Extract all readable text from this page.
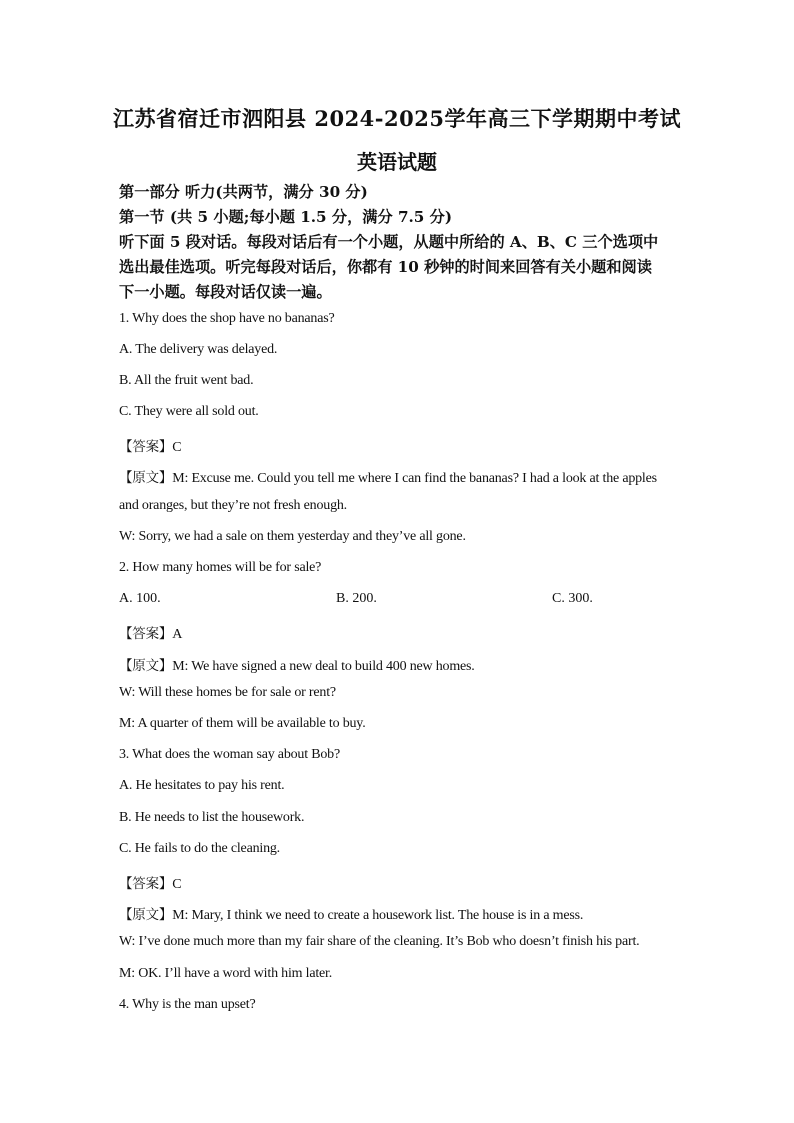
江苏省宿迁市泗阳县 2024-2025学年高三下学期期中考试
英语试题
第一部分 听力(共两节，满分 30 分)
第一节 (共 5 小题;每小题 1.5 分，满分 7.5 分)
听下面 5 段对话。每段对话后有一个小题，从题中所给的 A、B、C 三个选项中
选出最佳选项。听完每段对话后，你都有 10 秒钟的时间来回答有关小题和阅读
下一小题。每段对话仅读一遍。
1. Why does the shop have no bananas?
A. The delivery was delayed.
B. All the fruit went bad.
C. They were all sold out.
【答案】C
【原文】M: Excuse me. Could you tell me where I can find the bananas? I had a look at the apples
and oranges, but they’re not fresh enough.
W: Sorry, we had a sale on them yesterday and they’ve all gone.
2. How many homes will be for sale?
A. 100.	B. 200.	C. 300.
【答案】A
【原文】M: We have signed a new deal to build 400 new homes.
W: Will these homes be for sale or rent?
M: A quarter of them will be available to buy.
3. What does the woman say about Bob?
A. He hesitates to pay his rent.
B. He needs to list the housework.
C. He fails to do the cleaning.
【答案】C
【原文】M: Mary, I think we need to create a housework list. The house is in a mess.
W: I’ve done much more than my fair share of the cleaning. It’s Bob who doesn’t finish his part.
M: OK. I’ll have a word with him later.
4. Why is the man upset?
